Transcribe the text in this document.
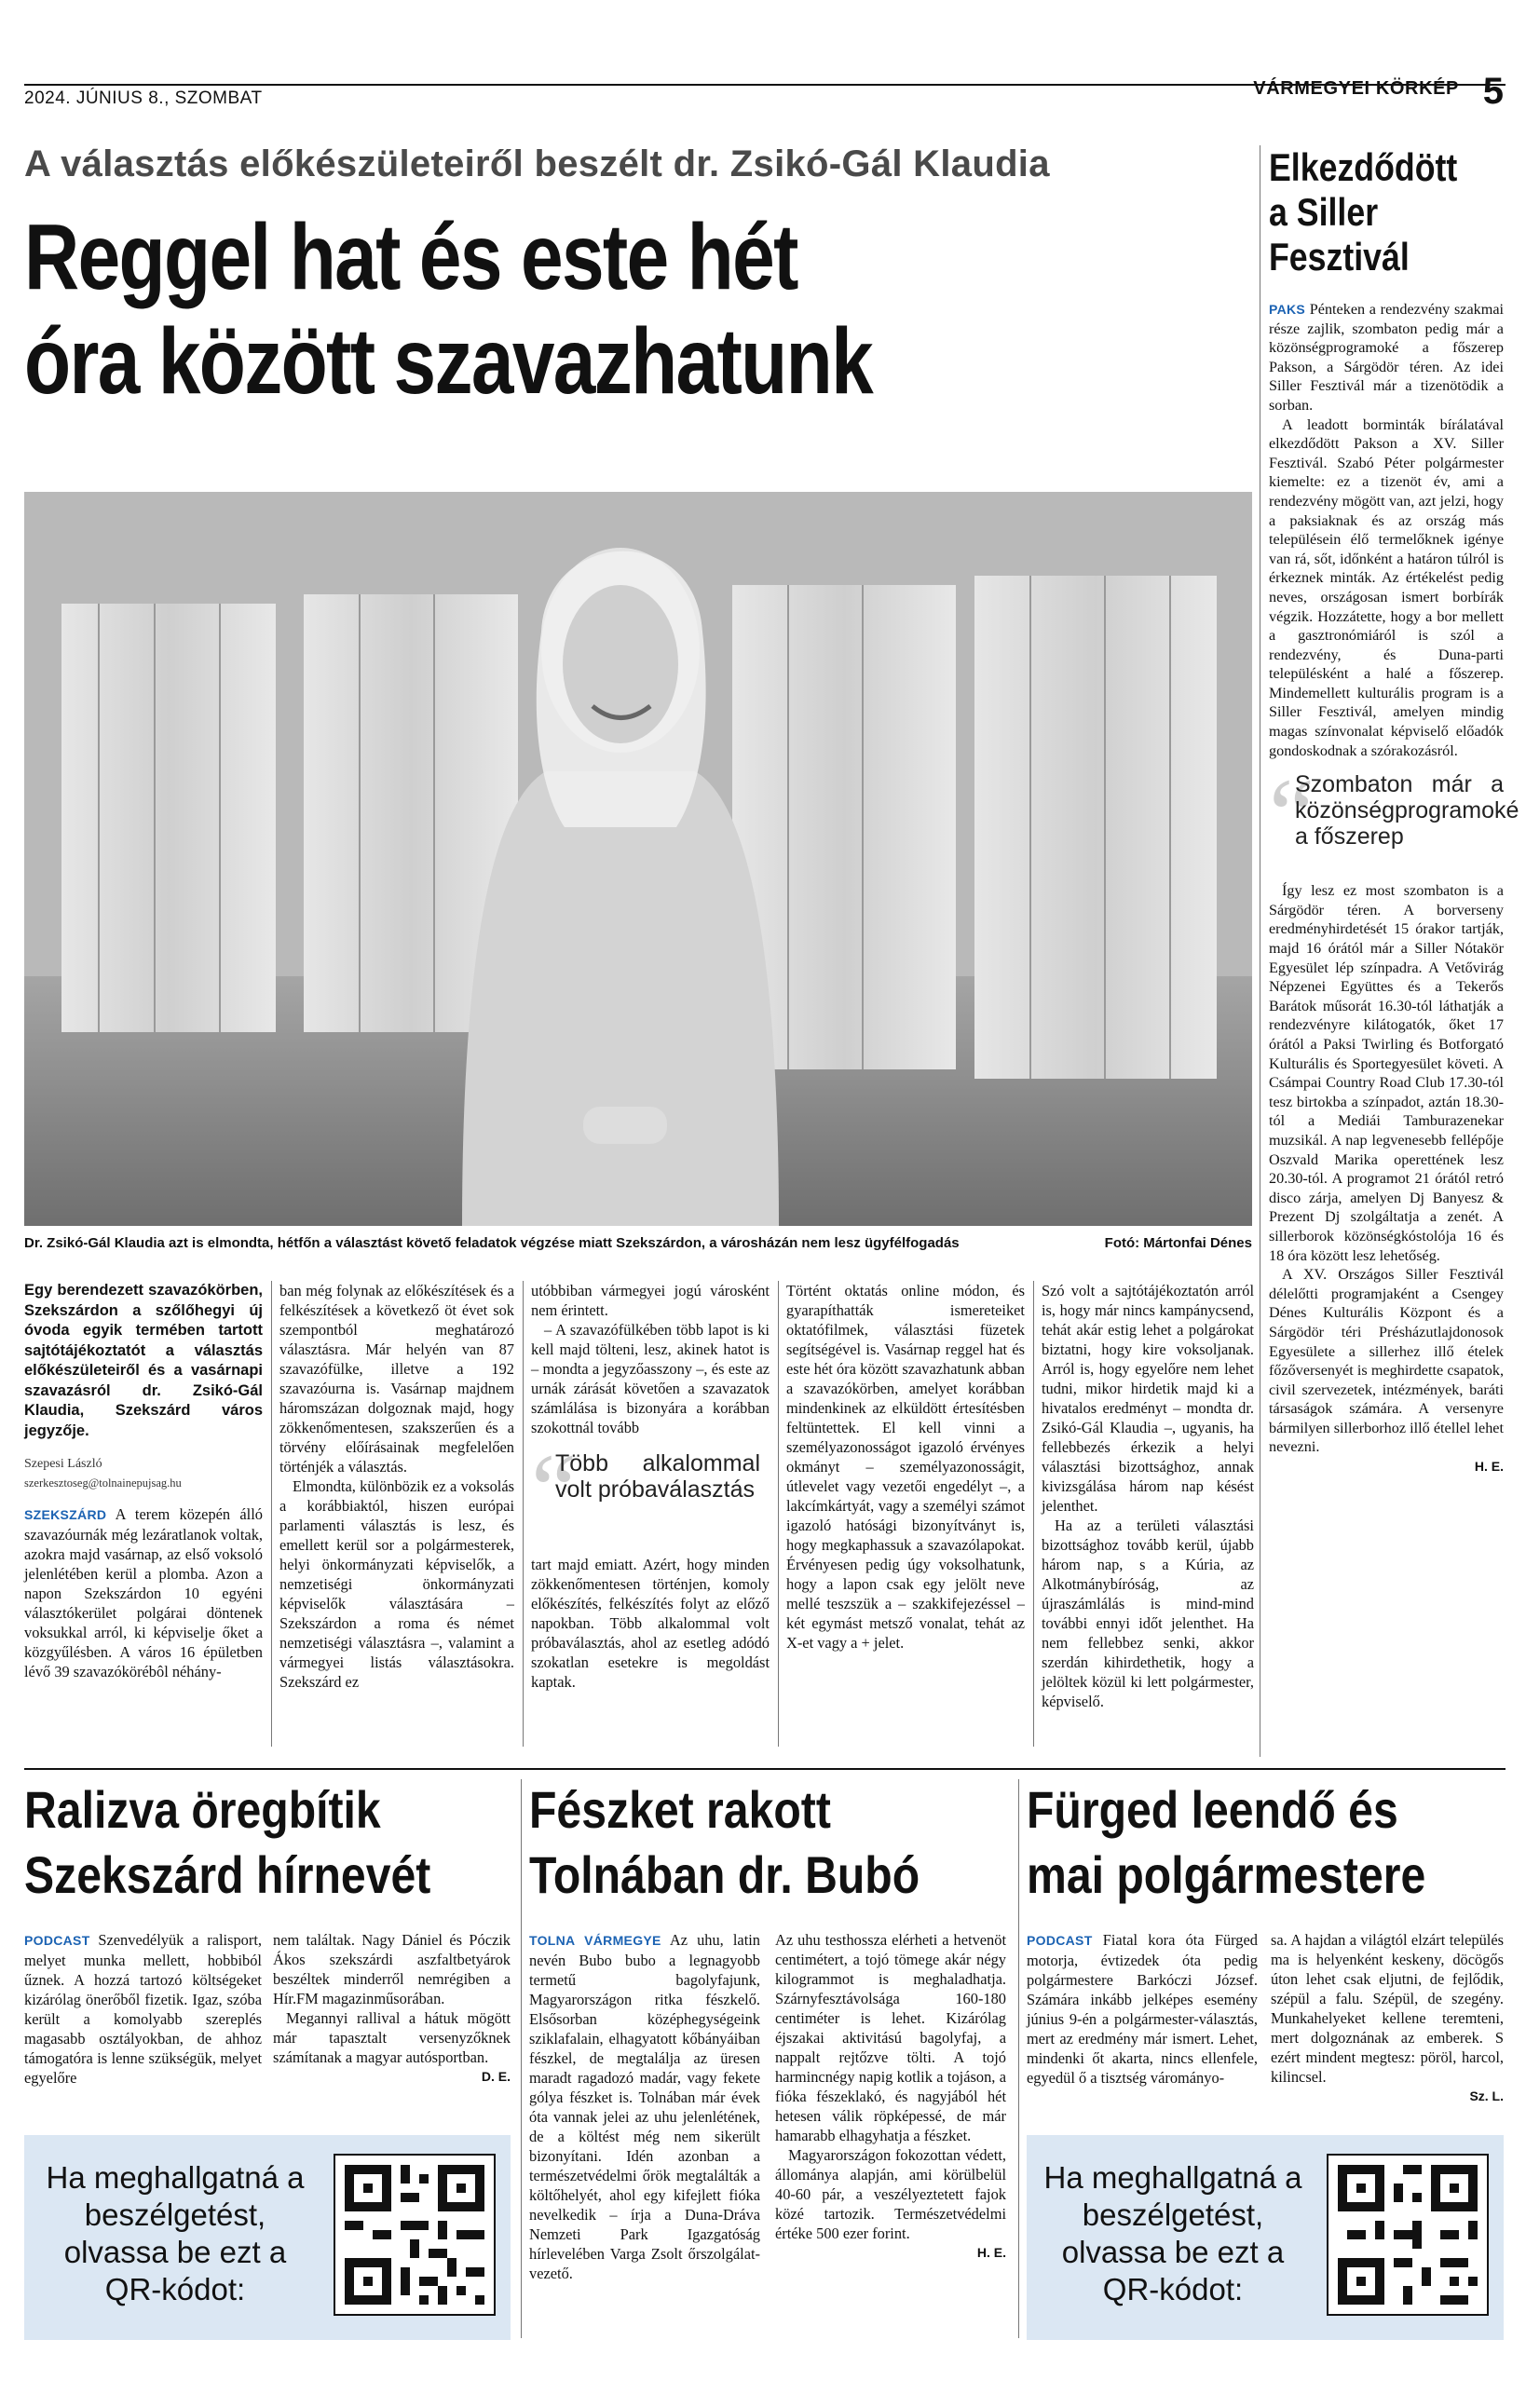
2024. JÚNIUS 8., SZOMBAT	VÁRMEGYEI KÖRKÉP 5
A választás előkészületeiről beszélt dr. Zsikó-Gál Klaudia
Reggel hat és este hét
óra között szavazhatunk
Dr. Zsikó-Gál Klaudia azt is elmondta, hétfőn a választást követő feladatok végzése miatt Szekszárdon, a városházán nem lesz ügyfélfogadás	Fotó: Mártonfai Dénes

Egy berendezett szavazókörben, Szekszárdon a szőlőhegyi új óvoda egyik termében tartott sajtótájékoztatót a választás előkészületeiről és a vasárnapi szavazásról dr. Zsikó-Gál Klaudia, Szekszárd város jegyzője.

Szepesi László

szerkesztoseg@tolnainepujsag.hu

SZEKSZÁRD A terem közepén álló szavazóurnák még lezáratlanok voltak, azokra majd vasárnap, az első voksoló jelenlétében kerül a plomba. Azon a napon Szekszárdon 10 egyéni választókerület polgárai döntenek voksukkal arról, ki képviselje őket a közgyűlésben. A város 16 épületben lévő 39 szavazókörébôl néhány-

ban még folynak az előkészítések és a felkészítések a következő öt évet sok szempontból meghatározó választásra. Már helyén van 87 szavazófülke, illetve a 192 szavazóurna is. Vasárnap majdnem háromszázan dolgoznak majd, hogy zökkenőmentesen, szakszerűen és a törvény előírásainak megfelelően történjék a választás.

Elmondta, különbözik ez a voksolás a korábbiaktól, hiszen európai parlamenti választás is lesz, és emellett kerül sor a polgármesterek, helyi önkormányzati képviselők, a nemzetiségi önkormányzati képviselők választására – Szekszárdon a roma és német nemzetiségi választásra –, valamint a vármegyei listás választásokra. Szekszárd ez

utóbbiban vármegyei jogú városként nem érintett.

– A szavazófülkében több lapot is ki kell majd tölteni, lesz, akinek hatot is – mondta a jegyzőasszony –, és este az urnák zárását követően a szavazatok számlálása is bizonyára a korábban szokottnál tovább

“
Több alkalommal volt próbaválasztás

tart majd emiatt. Azért, hogy minden zökkenőmentesen történjen, komoly előkészítés, felkészítés folyt az előző napokban. Több alkalommal volt próbaválasztás, ahol az esetleg adódó szokatlan esetekre is megoldást kaptak.

Történt oktatás online módon, és gyarapíthatták ismereteiket oktatófilmek, választási füzetek segítségével is. Vasárnap reggel hat és este hét óra között szavazhatunk abban a szavazókörben, amelyet korábban mindenkinek az elküldött értesítésben feltüntettek. El kell vinni a személyazonosságot igazoló érvényes okmányt – személyazonosságit, útlevelet vagy vezetői engedélyt –, a lakcímkártyát, vagy a személyi számot igazoló hatósági bizonyítványt is, hogy megkaphassuk a szavazólapokat. Érvényesen pedig úgy voksolhatunk, hogy a lapon csak egy jelölt neve mellé teszszük a – szakkifejezéssel – két egymást metsző vonalat, tehát az X-et vagy a + jelet.

Szó volt a sajtótájékoztatón arról is, hogy már nincs kampánycsend, tehát akár estig lehet a polgárokat biztatni, hogy kire voksoljanak. Arról is, hogy egyelőre nem lehet tudni, mikor hirdetik majd ki a hivatalos eredményt – mondta dr. Zsikó-Gál Klaudia –, ugyanis, ha fellebbezés érkezik a helyi választási bizottsághoz, annak kivizsgálása három nap késést jelenthet.

Ha az a területi választási bizottsághoz tovább kerül, újabb három nap, s a Kúria, az Alkotmánybíróság, az újraszámlálás is mind-mind további ennyi időt jelenthet. Ha nem fellebbez senki, akkor szerdán kihirdethetik, hogy a jelöltek közül ki lett polgármester, képviselő.

Elkezdődött a Siller Fesztivál

PAKS Pénteken a rendezvény szakmai része zajlik, szombaton pedig már a közönségprogramoké a főszerep Pakson, a Sárgödör téren. Az idei Siller Fesztivál már a tizenötödik a sorban.

A leadott borminták bírálatával elkezdődött Pakson a XV. Siller Fesztivál. Szabó Péter polgármester kiemelte: ez a tizenöt év, ami a rendezvény mögött van, azt jelzi, hogy a paksiaknak és az ország más településein élő termelőknek igénye van rá, sőt, időnként a határon túlról is érkeznek minták. Az értékelést pedig neves, országosan ismert borbírák végzik. Hozzátette, hogy a bor mellett a gasztronómiáról is szól a rendezvény, és Duna-parti településként a halé a főszerep. Mindemellett kulturális program is a Siller Fesztivál, amelyen mindig magas színvonalat képviselő előadók gondoskodnak a szórakozásról.

“
Szombaton már a közönségprogramoké a főszerep

Így lesz ez most szombaton is a Sárgödör téren. A borverseny eredményhirdetését 15 órakor tartják, majd 16 órától már a Siller Nótakör Egyesület lép színpadra. A Vetővirág Népzenei Együttes és a Tekerős Barátok műsorát 16.30-tól láthatják a rendezvényre kilátogatók, őket 17 órától a Paksi Twirling és Botforgató Kulturális és Sportegyesület követi. A Csámpai Country Road Club 17.30-tól tesz birtokba a színpadot, aztán 18.30-tól a Mediái Tamburazenekar muzsikál. A nap legvenesebb fellépője Oszvald Marika operettének lesz 20.30-tól. A programot 21 órától retró disco zárja, amelyen Dj Banyesz & Prezent Dj szolgáltatja a zenét. A sillerborok közönségkóstolója 16 és 18 óra között lesz lehetőség.

A XV. Országos Siller Fesztivál délelőtti programjaként a Csengey Dénes Kulturális Központ és a Sárgödör téri Présházutlajdonosok Egyesülete a sillerhez illő ételek főzőversenyét is meghirdette csapatok, civil szervezetek, intézmények, baráti társaságok számára. A versenyre bármilyen sillerborhoz illő étellel lehet nevezni.

H. E.

Ralizva öregbítik
Szekszárd hírnevét

PODCAST Szenvedélyük a ralisport, melyet munka mellett, hobbiból űznek. A hozzá tartozó költségeket kizárólag önerőből fizetik. Igaz, szóba került a komolyabb szereplés magasabb osztályokban, de ahhoz támogatóra is lenne szükségük, melyet egyelőre

nem találtak. Nagy Dániel és Póczik Ákos szekszárdi aszfaltbetyárok beszéltek minderről nemrégiben a Hír.FM magazinműsorában.

Megannyi rallival a hátuk mögött már tapasztalt versenyzőknek számítanak a magyar autósportban.

D. E.

Ha meghallgatná a beszélgetést, olvassa be ezt a QR-kódot:
Fészket rakott
Tolnában dr. Bubó

TOLNA VÁRMEGYE Az uhu, latin nevén Bubo bubo a legnagyobb termetű bagolyfajunk, Magyarországon ritka fészkelő. Elsősorban középhegységeink sziklafalain, elhagyatott kőbányáiban fészkel, de megtalálja az üresen maradt ragadozó madár, vagy fekete gólya fészket is. Tolnában már évek óta vannak jelei az uhu jelenlétének, de a költést még nem sikerült bizonyítani. Idén azonban a természetvédelmi őrök megtalálták a költőhelyét, ahol egy kifejlett fióka nevelkedik – írja a Duna-Dráva Nemzeti Park Igazgatóság hírlevelében Varga Zsolt őrszolgálat-vezető.

Az uhu testhossza elérheti a hetvenöt centimétert, a tojó tömege akár négy kilogrammot is meghaladhatja. Szárnyfesztávolsága 160-180 centiméter is lehet. Kizárólag éjszakai aktivitású bagolyfaj, a nappalt rejtőzve tölti. A tojó harmincnégy napig kotlik a tojáson, a fióka fészeklakó, és nagyjából hét hetesen válik röpképessé, de már hamarabb elhagyhatja a fészket.

Magyarországon fokozottan védett, állománya alapján, ami körülbelül 40-60 pár, a veszélyeztetett fajok közé tartozik. Természetvédelmi értéke 500 ezer forint.

H. E.

Fürged leendő és
mai polgármestere

PODCAST Fiatal kora óta Fürged motorja, évtizedek óta pedig polgármestere Barkóczi József. Számára inkább jelképes esemény június 9-én a polgármester-választás, mert az eredmény már ismert. Lehet, mindenki őt akarta, nincs ellenfele, egyedül ő a tisztség várományo-

sa. A hajdan a világtól elzárt település ma is helyenként keskeny, döcögős úton lehet csak eljutni, de fejlődik, szépül a falu. Szépül, de szegény. Munkahelyeket kellene teremteni, mert dolgoznának az emberek. S ezért mindent megtesz: pöröl, harcol, kilincsel.

Sz. L.

Ha meghallgatná a beszélgetést, olvassa be ezt a QR-kódot:
